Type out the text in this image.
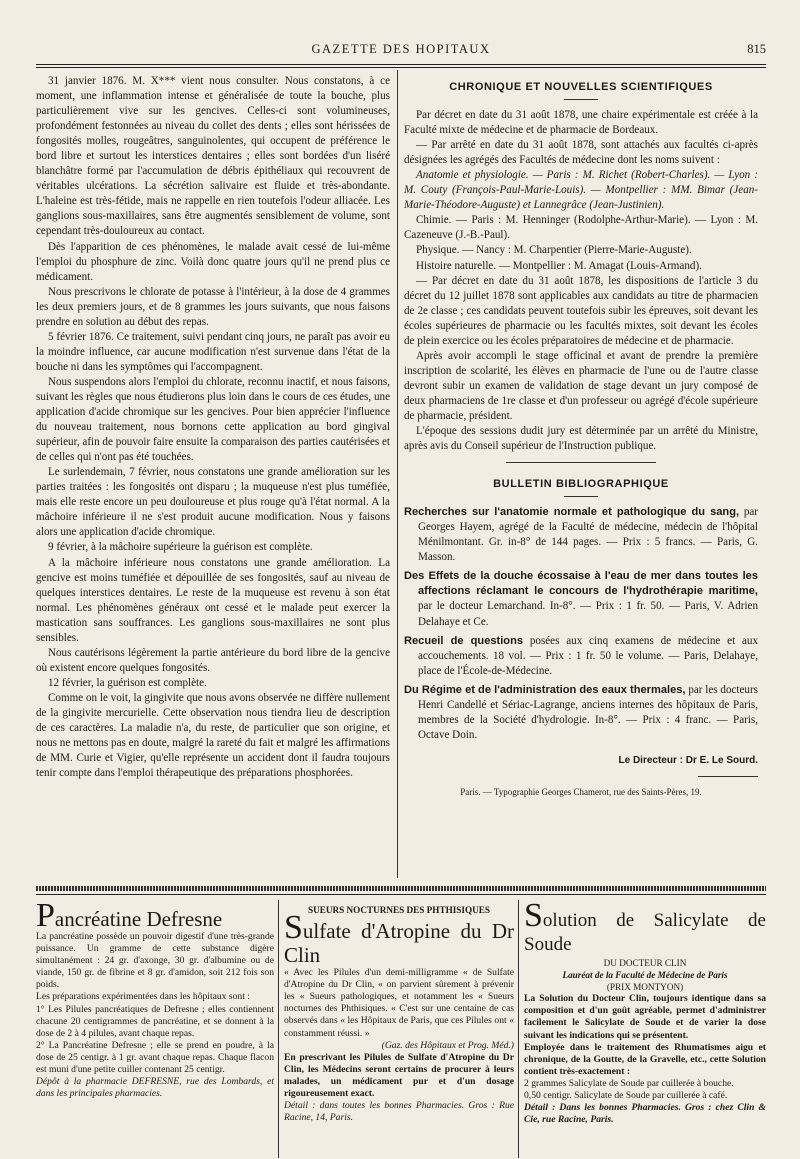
GAZETTE DES HOPITAUX	815

31 janvier 1876. M. X*** vient nous consulter. Nous constatons, à ce moment, une inflammation intense et généralisée de toute la bouche, plus particulièrement vive sur les gencives. Celles-ci sont volumineuses, profondément festonnées au niveau du collet des dents ; elles sont hérissées de fongosités molles, rougeâtres, sanguinolentes, qui occupent de préférence le bord libre et surtout les interstices dentaires ; elles sont bordées d'un liséré blanchâtre formé par l'accumulation de débris épithéliaux qui recouvrent de véritables ulcérations. La sécrétion salivaire est fluide et très-abondante. L'haleine est très-fétide, mais ne rappelle en rien toutefois l'odeur alliacée. Les ganglions sous-maxillaires, sans être augmentés sensiblement de volume, sont cependant très-douloureux au contact.

Dès l'apparition de ces phénomènes, le malade avait cessé de lui-même l'emploi du phosphure de zinc. Voilà donc quatre jours qu'il ne prend plus ce médicament.

Nous prescrivons le chlorate de potasse à l'intérieur, à la dose de 4 grammes les deux premiers jours, et de 8 grammes les jours suivants, que nous faisons prendre en solution au début des repas.

5 février 1876. Ce traitement, suivi pendant cinq jours, ne paraît pas avoir eu la moindre influence, car aucune modification n'est survenue dans l'état de la bouche ni dans les symptômes qui l'accompagnent.

Nous suspendons alors l'emploi du chlorate, reconnu inactif, et nous faisons, suivant les règles que nous étudierons plus loin dans le cours de ces études, une application d'acide chromique sur les gencives. Pour bien apprécier l'influence du nouveau traitement, nous bornons cette application au bord gingival supérieur, afin de pouvoir faire ensuite la comparaison des parties cautérisées et de celles qui n'ont pas été touchées.

Le surlendemain, 7 février, nous constatons une grande amélioration sur les parties traitées : les fongosités ont disparu ; la muqueuse n'est plus tuméfiée, mais elle reste encore un peu douloureuse et plus rouge qu'à l'état normal. A la mâchoire inférieure il ne s'est produit aucune modification. Nous y faisons alors une application d'acide chromique.

9 février, à la mâchoire supérieure la guérison est complète.

A la mâchoire inférieure nous constatons une grande amélioration. La gencive est moins tuméfiée et dépouillée de ses fongosités, sauf au niveau de quelques interstices dentaires. Le reste de la muqueuse est revenu à son état normal. Les phénomènes généraux ont cessé et le malade peut exercer la mastication sans souffrances. Les ganglions sous-maxillaires ne sont plus sensibles.

Nous cautérisons légèrement la partie antérieure du bord libre de la gencive où existent encore quelques fongosités.

12 février, la guérison est complète.

Comme on le voit, la gingivite que nous avons observée ne diffère nullement de la gingivite mercurielle. Cette observation nous tiendra lieu de description de ces caractères. La maladie n'a, du reste, de particulier que son origine, et nous ne mettons pas en doute, malgré la rareté du fait et malgré les affirmations de MM. Curie et Vigier, qu'elle représente un accident dont il faudra toujours tenir compte dans l'emploi thérapeutique des préparations phosphorées.

CHRONIQUE ET NOUVELLES SCIENTIFIQUES

Par décret en date du 31 août 1878, une chaire expérimentale est créée à la Faculté mixte de médecine et de pharmacie de Bordeaux.

— Par arrêté en date du 31 août 1878, sont attachés aux facultés ci-après désignées les agrégés des Facultés de médecine dont les noms suivent :

Anatomie et physiologie. — Paris : M. Richet (Robert-Charles). — Lyon : M. Couty (François-Paul-Marie-Louis). — Montpellier : MM. Bimar (Jean-Marie-Théodore-Auguste) et Lannegrâce (Jean-Justinien).

Chimie. — Paris : M. Henninger (Rodolphe-Arthur-Marie). — Lyon : M. Cazeneuve (J.-B.-Paul).

Physique. — Nancy : M. Charpentier (Pierre-Marie-Auguste).

Histoire naturelle. — Montpellier : M. Amagat (Louis-Armand).

— Par décret en date du 31 août 1878, les dispositions de l'article 3 du décret du 12 juillet 1878 sont applicables aux candidats au titre de pharmacien de 2e classe ; ces candidats peuvent toutefois subir les épreuves, soit devant les écoles supérieures de pharmacie ou les facultés mixtes, soit devant les écoles de plein exercice ou les écoles préparatoires de médecine et de pharmacie.

Après avoir accompli le stage officinal et avant de prendre la première inscription de scolarité, les élèves en pharmacie de l'une ou de l'autre classe devront subir un examen de validation de stage devant un jury composé de deux pharmaciens de 1re classe et d'un professeur ou agrégé d'école supérieure de pharmacie, président.

L'époque des sessions dudit jury est déterminée par un arrêté du Ministre, après avis du Conseil supérieur de l'Instruction publique.

BULLETIN BIBLIOGRAPHIQUE

Recherches sur l'anatomie normale et pathologique du sang, par Georges Hayem, agrégé de la Faculté de médecine, médecin de l'hôpital Ménilmontant. Gr. in-8° de 144 pages. — Prix : 5 francs. — Paris, G. Masson.

Des Effets de la douche écossaise à l'eau de mer dans toutes les affections réclamant le concours de l'hydrothérapie maritime, par le docteur Lemarchand. In-8°. — Prix : 1 fr. 50. — Paris, V. Adrien Delahaye et Ce.

Recueil de questions posées aux cinq examens de médecine et aux accouchements. 18 vol. — Prix : 1 fr. 50 le volume. — Paris, Delahaye, place de l'École-de-Médecine.

Du Régime et de l'administration des eaux thermales, par les docteurs Henri Candellé et Sériac-Lagrange, anciens internes des hôpitaux de Paris, membres de la Société d'hydrologie. In-8°. — Prix : 4 franc. — Paris, Octave Doin.

Le Directeur : Dr E. Le Sourd.
Paris. — Typographie Georges Chamerot, rue des Saints-Pères, 19.

Pancréatine Defresne

La pancréatine possède un pouvoir digestif d'une très-grande puissance. Un gramme de cette substance digère simultanément : 24 gr. d'axonge, 30 gr. d'albumine ou de viande, 150 gr. de fibrine et 8 gr. d'amidon, soit 212 fois son poids.

Les préparations expérimentées dans les hôpitaux sont :

1° Les Pilules pancréatiques de Defresne ; elles contiennent chacune 20 centigrammes de pancréatine, et se donnent à la dose de 2 à 4 pilules, avant chaque repas.

2° La Pancréatine Defresne ; elle se prend en poudre, à la dose de 25 centigr. à 1 gr. avant chaque repas. Chaque flacon est muni d'une petite cuiller contenant 25 centigr.

Dépôt à la pharmacie DEFRESNE, rue des Lombards, et dans les principales pharmacies.

SUEURS NOCTURNES DES PHTHISIQUES

Sulfate d'Atropine du Dr Clin

« Avec les Pilules d'un demi-milligramme « de Sulfate d'Atropine du Dr Clin, « on parvient sûrement à prévenir les « Sueurs pathologiques, et notamment les « Sueurs nocturnes des Phthisiques. « C'est sur une centaine de cas observés dans « les Hôpitaux de Paris, que ces Pilules ont « constamment réussi. »

(Gaz. des Hôpitaux et Prog. Méd.)

En prescrivant les Pilules de Sulfate d'Atropine du Dr Clin, les Médecins seront certains de procurer à leurs malades, un médicament pur et d'un dosage rigoureusement exact.

Détail : dans toutes les bonnes Pharmacies. Gros : Rue Racine, 14, Paris.

Solution de Salicylate de Soude

DU DOCTEUR CLIN

Lauréat de la Faculté de Médecine de Paris

(PRIX MONTYON)

La Solution du Docteur Clin, toujours identique dans sa composition et d'un goût agréable, permet d'administrer facilement le Salicylate de Soude et de varier la dose suivant les indications qui se présentent.

Employée dans le traitement des Rhumatismes aigu et chronique, de la Goutte, de la Gravelle, etc., cette Solution contient très-exactement :

2 grammes Salicylate de Soude par cuillerée à bouche.

0,50 centigr. Salicylate de Soude par cuillerée à café.

Détail : Dans les bonnes Pharmacies. Gros : chez Clin & Cie, rue Racine, Paris.
